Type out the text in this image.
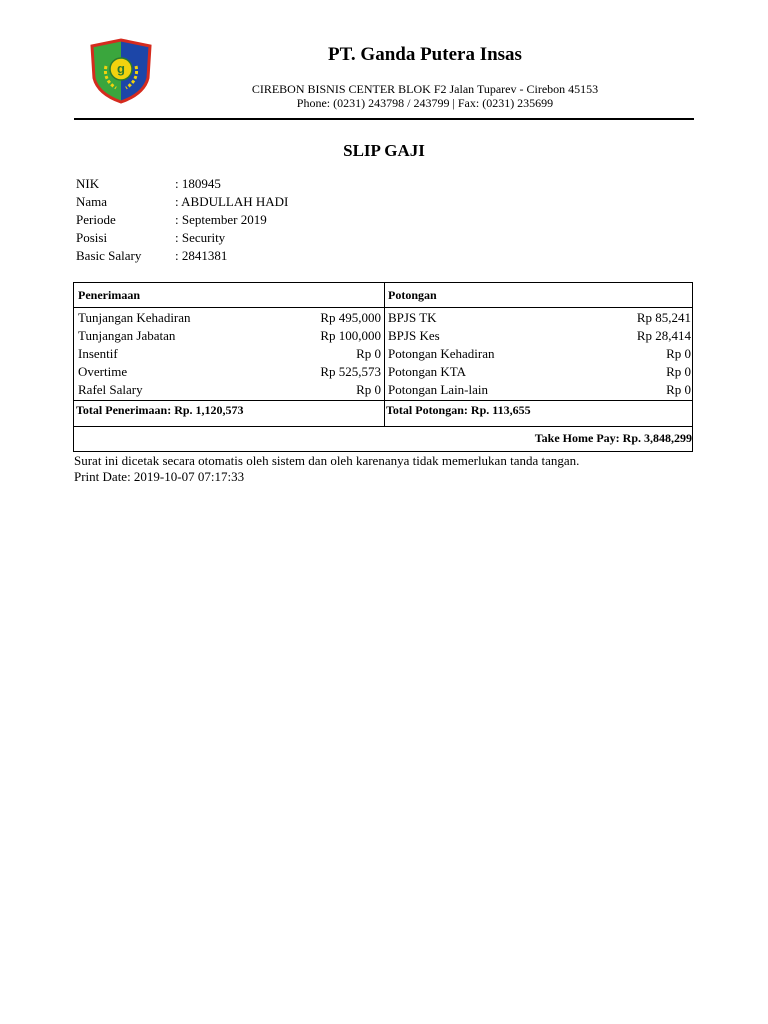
g
PT. Ganda Putera Insas
CIREBON BISNIS CENTER BLOK F2 Jalan Tuparev - Cirebon 45153
Phone: (0231) 243798 / 243799 | Fax: (0231) 235699
SLIP GAJI
NIK	: 180945
Nama	: ABDULLAH HADI
Periode	: September 2019
Posisi	: Security
Basic Salary	: 2841381
Penerimaan
Tunjangan Kehadiran	Rp 495,000
Tunjangan Jabatan	Rp 100,000
Insentif	Rp 0
Overtime	Rp 525,573
Rafel Salary	Rp 0
Total Penerimaan: Rp. 1,120,573
Potongan
BPJS TK	Rp 85,241
BPJS Kes	Rp 28,414
Potongan Kehadiran	Rp 0
Potongan KTA	Rp 0
Potongan Lain-lain	Rp 0
Total Potongan: Rp. 113,655
Take Home Pay: Rp. 3,848,299
Surat ini dicetak secara otomatis oleh sistem dan oleh karenanya tidak memerlukan tanda tangan.
Print Date: 2019-10-07 07:17:33
